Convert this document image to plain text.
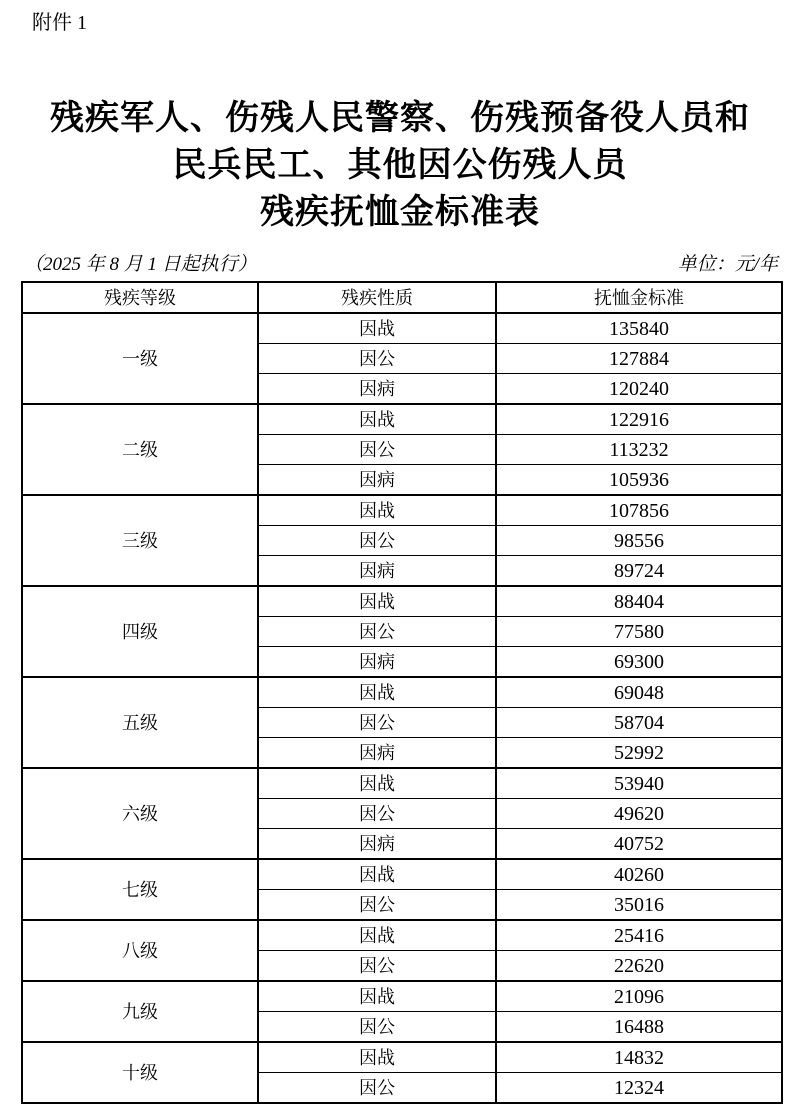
附件 1
残疾军人、伤残人民警察、伤残预备役人员和
民兵民工、其他因公伤残人员
残疾抚恤金标准表
（2025 年 8 月 1 日起执行）	单位：元/年
残疾等级	残疾性质	抚恤金标准
一级	因战	135840
	因公	127884
	因病	120240
二级	因战	122916
	因公	113232
	因病	105936
三级	因战	107856
	因公	98556
	因病	89724
四级	因战	88404
	因公	77580
	因病	69300
五级	因战	69048
	因公	58704
	因病	52992
六级	因战	53940
	因公	49620
	因病	40752
七级	因战	40260
	因公	35016
八级	因战	25416
	因公	22620
九级	因战	21096
	因公	16488
十级	因战	14832
	因公	12324
